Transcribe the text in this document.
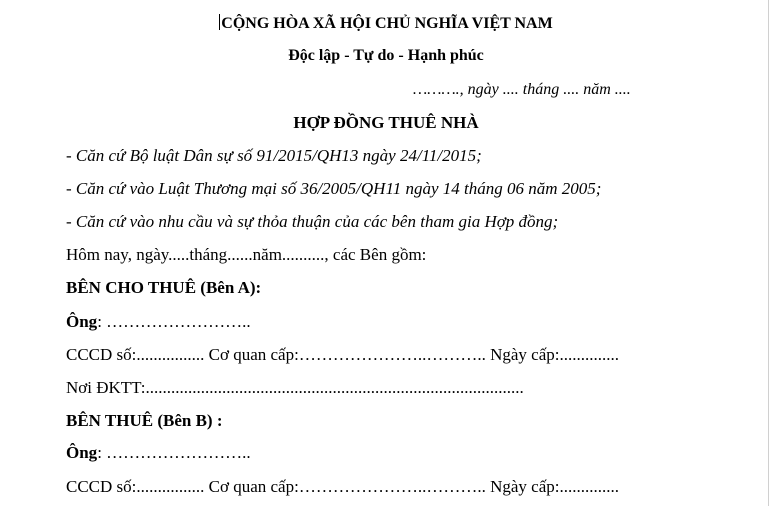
CỘNG HÒA XÃ HỘI CHỦ NGHĨA VIỆT NAM
Độc lập - Tự do - Hạnh phúc
………., ngày .... tháng .... năm ....
HỢP ĐỒNG THUÊ NHÀ
- Căn cứ Bộ luật Dân sự số 91/2015/QH13 ngày 24/11/2015;
- Căn cứ vào Luật Thương mại số 36/2005/QH11 ngày 14 tháng 06 năm 2005;
- Căn cứ vào nhu cầu và sự thỏa thuận của các bên tham gia Hợp đồng;
Hôm nay, ngày.....tháng......năm.........., các Bên gồm:
BÊN CHO THUÊ (Bên A):
Ông: ……………………..
CCCD số:................ Cơ quan cấp:…………………..……….. Ngày cấp:..............
Nơi ĐKTT:.........................................................................................
BÊN THUÊ (Bên B) :
Ông: ……………………..
CCCD số:................ Cơ quan cấp:…………………..……….. Ngày cấp:..............
